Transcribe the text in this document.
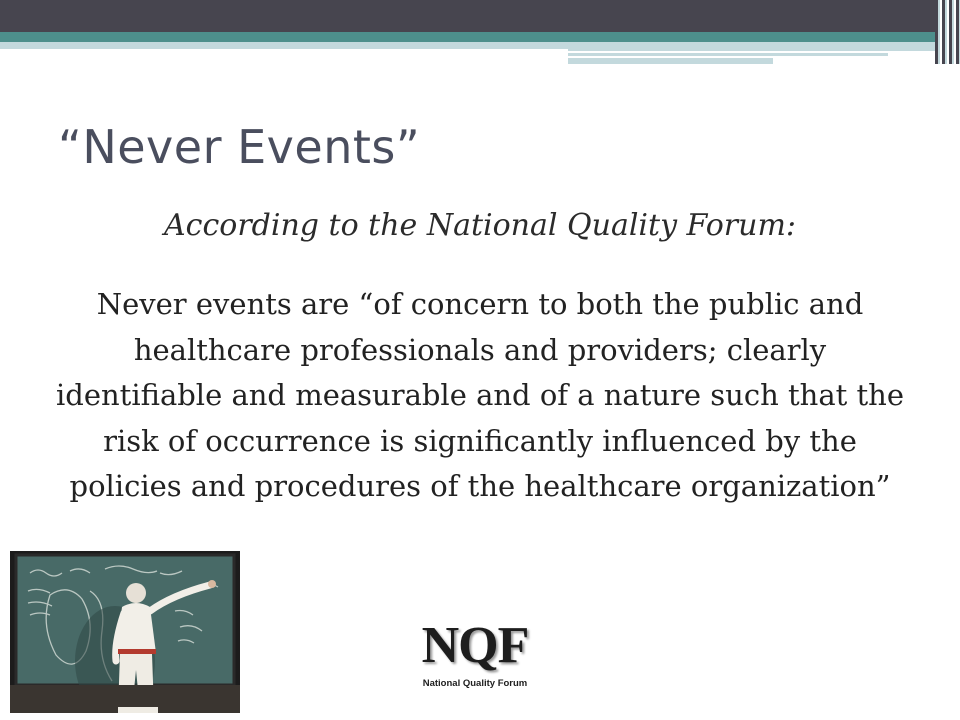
“Never Events”

According to the National Quality Forum:

Never events are “of concern to both the public and healthcare professionals and providers; clearly identifiable and measurable and of a nature such that the risk of occurrence is significantly influenced by the policies and procedures of the healthcare organization”

NQF
National Quality Forum
